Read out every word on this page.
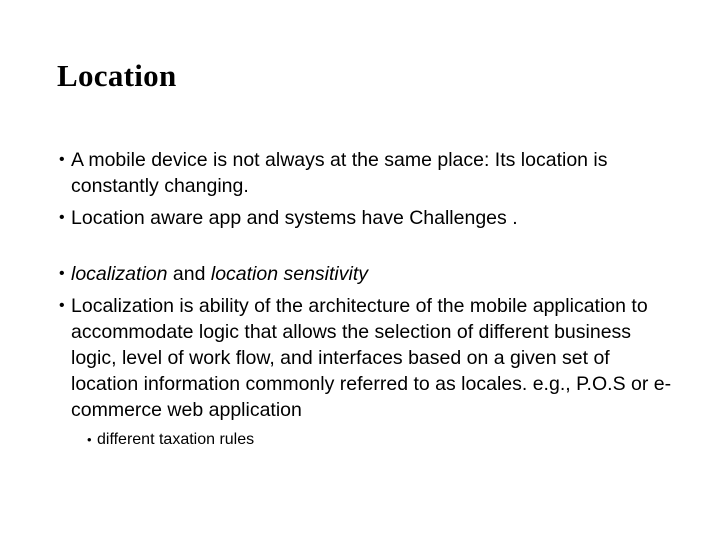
Location

• A mobile device is not always at the same place: Its location is constantly changing.

• Location aware app and systems have Challenges .

• localization and location sensitivity

• Localization is ability of the architecture of the mobile application to accommodate logic that allows the selection of different business logic, level of work flow, and interfaces based on a given set of location information commonly referred to as locales. e.g., P.O.S or e-commerce web application

• different taxation rules
